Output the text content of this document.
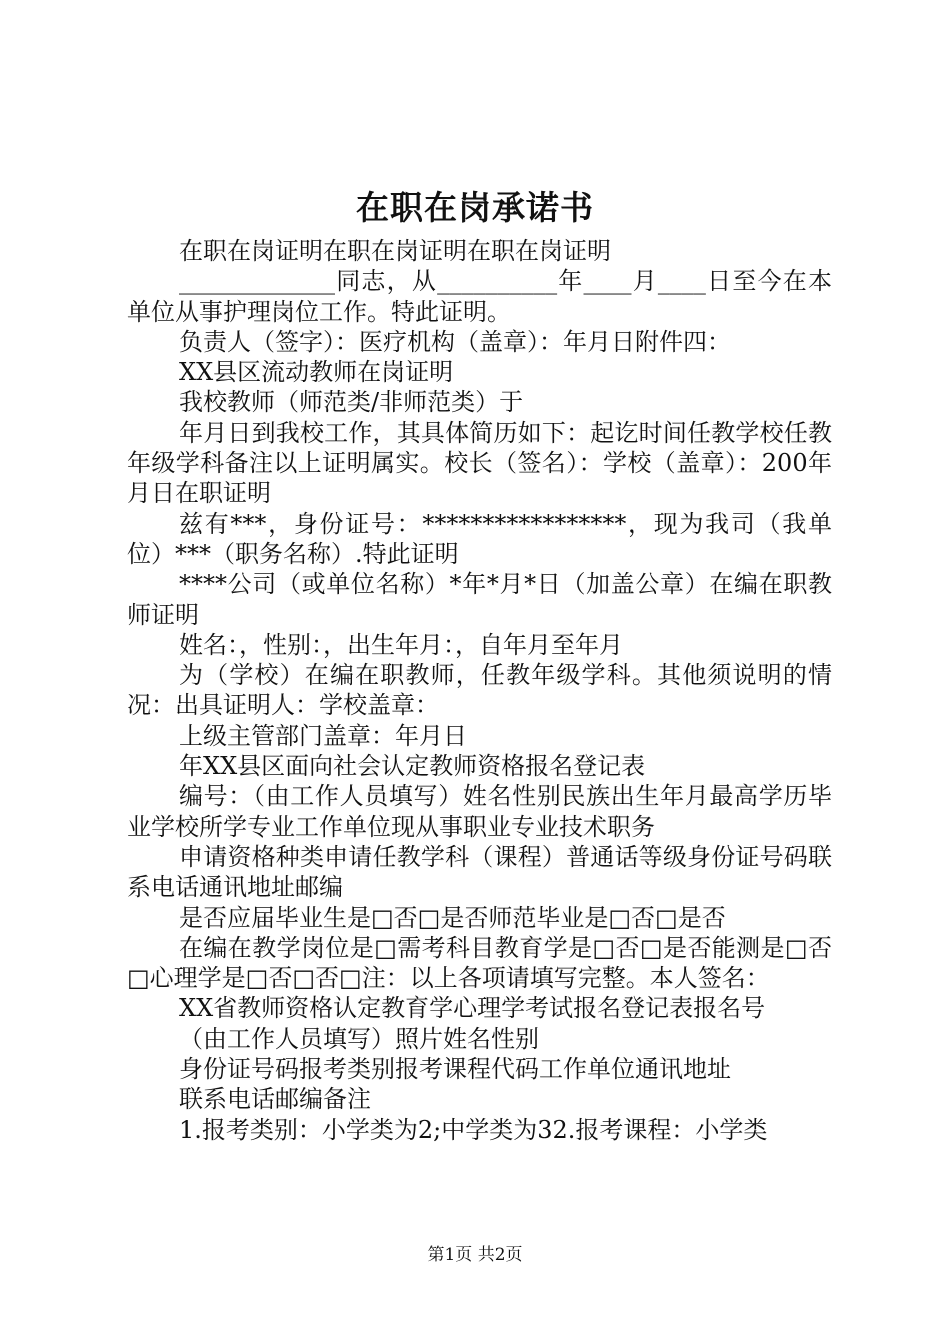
在职在岗承诺书

在职在岗证明在职在岗证明在职在岗证明

_____________同志，从__________年____月____日至今在本单位从事护理岗位工作。特此证明。

负责人（签字）：医疗机构（盖章）：年月日附件四：

XX县区流动教师在岗证明

我校教师（师范类/非师范类）于

年月日到我校工作，其具体简历如下：起讫时间任教学校任教年级学科备注以上证明属实。校长（签名）：学校（盖章）：200年月日在职证明

兹有***，身份证号：*****************，现为我司（我单位）***（职务名称）.特此证明

****公司（或单位名称）*年*月*日（加盖公章）在编在职教师证明

姓名：，性别：，出生年月：，自年月至年月

为（学校）在编在职教师，任教年级学科。其他须说明的情况：出具证明人：学校盖章：

上级主管部门盖章：年月日

年XX县区面向社会认定教师资格报名登记表

编号：（由工作人员填写）姓名性别民族出生年月最高学历毕业学校所学专业工作单位现从事职业专业技术职务

申请资格种类申请任教学科（课程）普通话等级身份证号码联系电话通讯地址邮编

是否应届毕业生是□否□是否师范毕业是□否□是否

在编在教学岗位是□需考科目教育学是□否□是否能测是□否□心理学是□否□否□注：以上各项请填写完整。本人签名：

XX省教师资格认定教育学心理学考试报名登记表报名号

（由工作人员填写）照片姓名性别

身份证号码报考类别报考课程代码工作单位通讯地址

联系电话邮编备注

1.报考类别：小学类为2;中学类为32.报考课程：小学类

第1页 共2页
